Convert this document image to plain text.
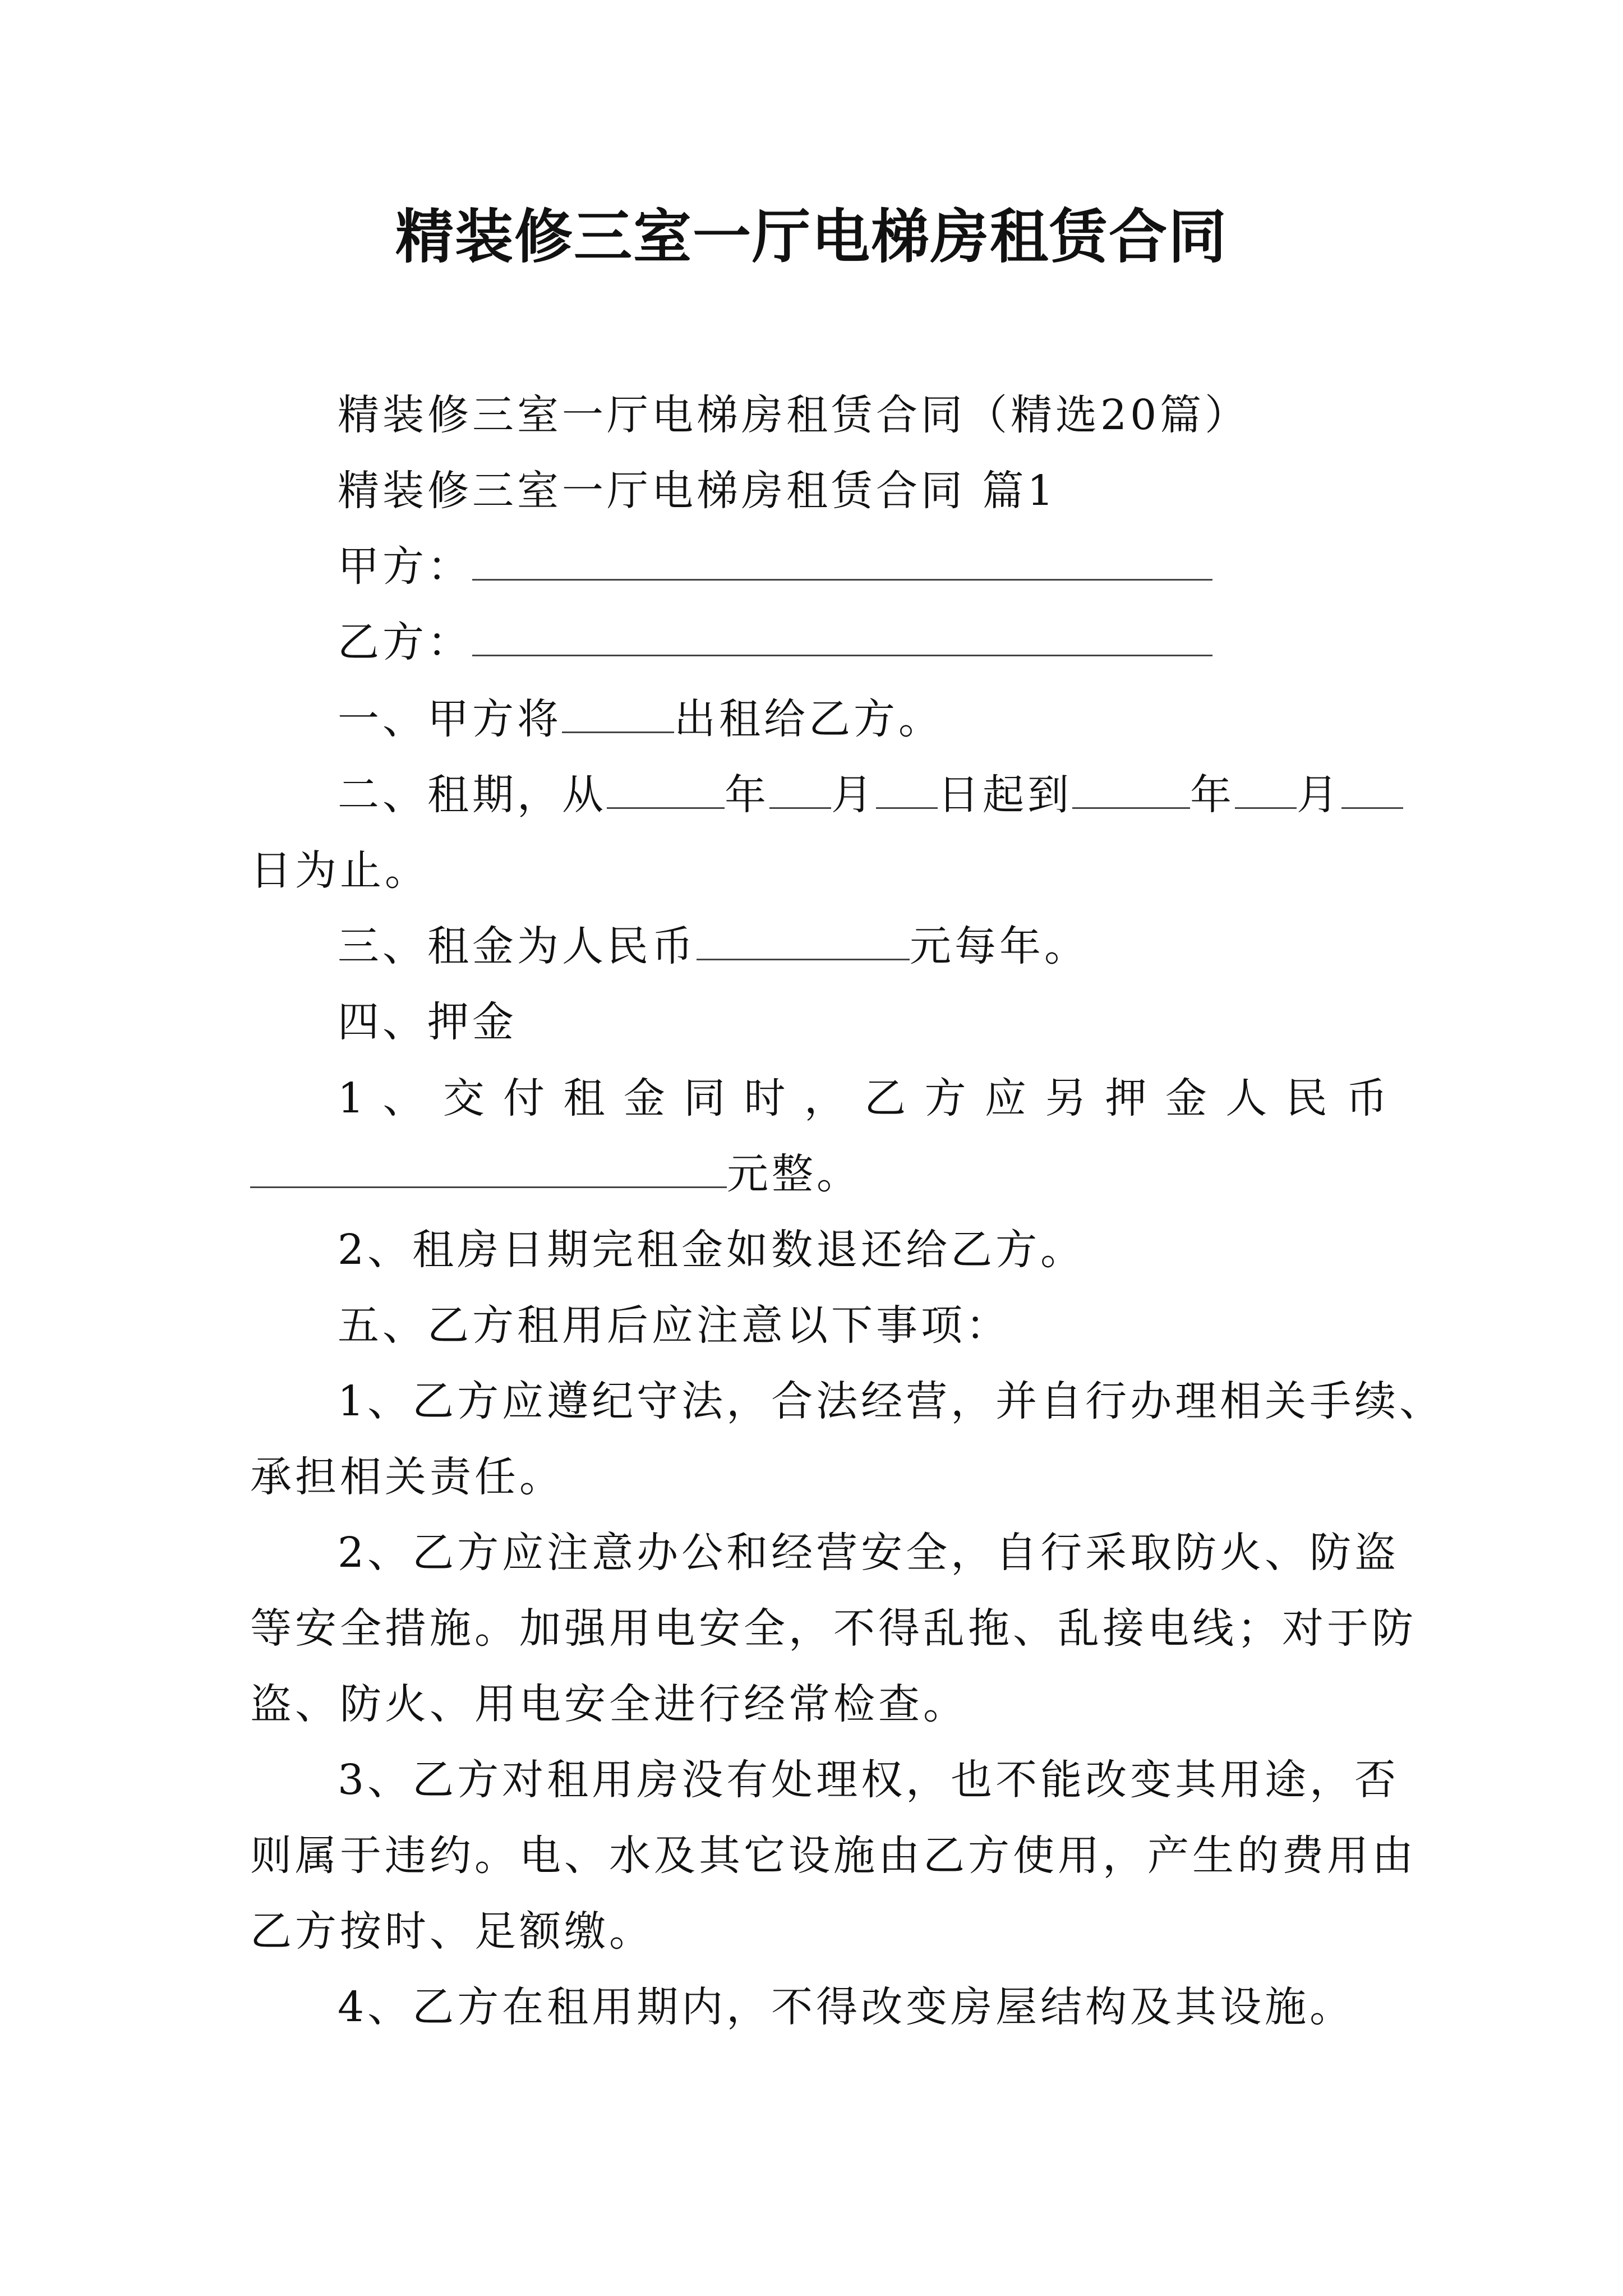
精装修三室一厅电梯房租赁合同
精装修三室一厅电梯房租赁合同（精选20篇）
精装修三室一厅电梯房租赁合同 篇1
甲方：
乙方：
一、甲方将	出租给乙方。
二、租期，从	年 月 日起到	年 月
日为止。
三、租金为人民币	元每年。
四、押金
1 、 交 付 租 金 同 时 ， 乙 方 应 另 押 金 人 民 币
元整。
2、租房日期完租金如数退还给乙方。
五、乙方租用后应注意以下事项：
1、乙方应遵纪守法，合法经营，并自行办理相关手续、
承担相关责任。
2、乙方应注意办公和经营安全，自行采取防火、防盗
等安全措施。加强用电安全，不得乱拖、乱接电线；对于防
盗、防火、用电安全进行经常检查。
3、乙方对租用房没有处理权，也不能改变其用途，否
则属于违约。电、水及其它设施由乙方使用，产生的费用由
乙方按时、足额缴。
4、乙方在租用期内，不得改变房屋结构及其设施。
